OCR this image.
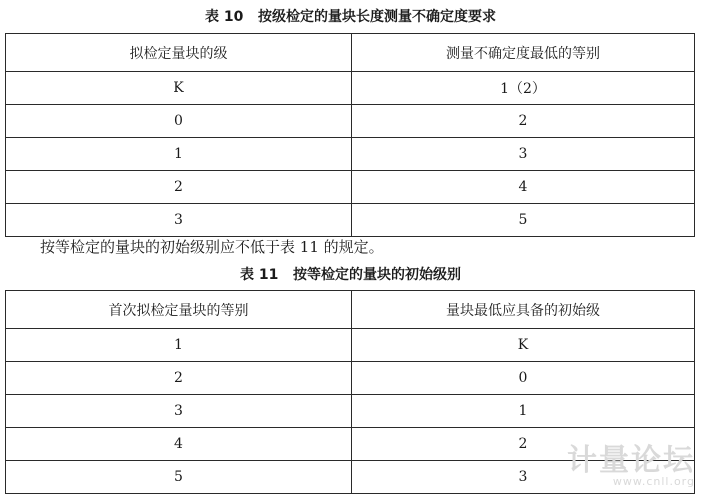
表 10   按级检定的量块长度测量不确定度要求
拟检定量块的级	测量不确定度最低的等别
K	1（2）
0	2
1	3
2	4
3	5
按等检定的量块的初始级别应不低于表 11 的规定。
表 11   按等检定的量块的初始级别
首次拟检定量块的等别	量块最低应具备的初始级
1	K
2	0
3	1
4	2
5	3 计量论坛
www.cnll.org
